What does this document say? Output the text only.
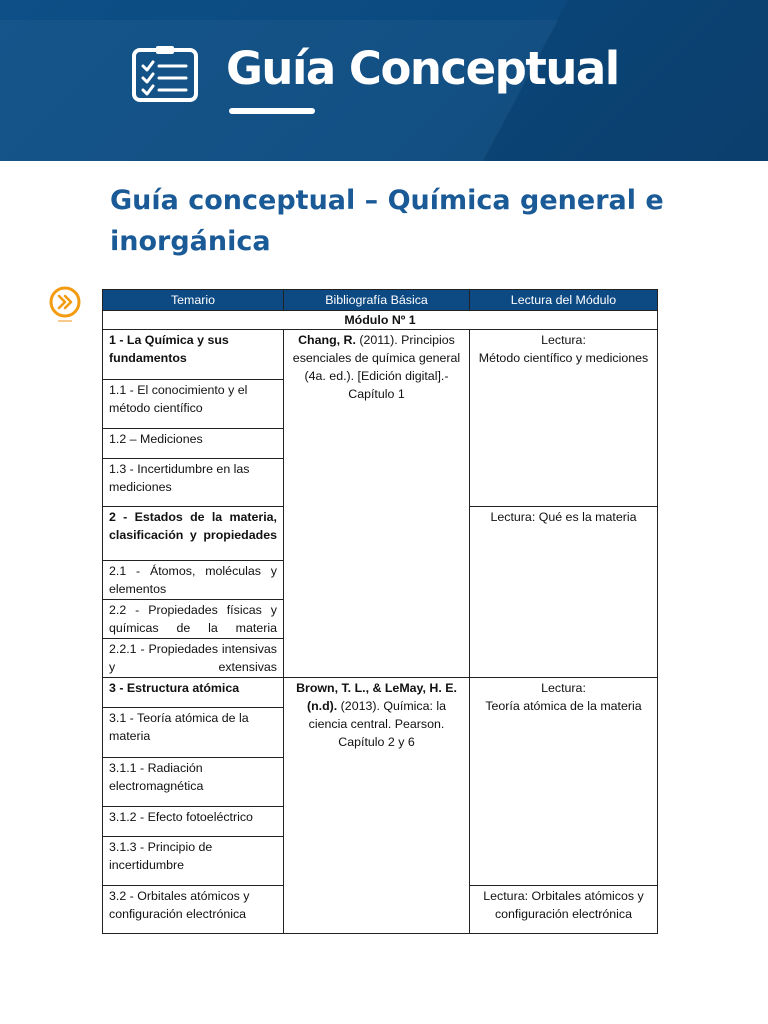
Guía Conceptual
Guía conceptual – Química general e inorgánica
Temario	Bibliografía Básica	Lectura del Módulo
Módulo Nº 1		
1 - La Química y sus fundamentos	Chang, R. (2011). Principios esenciales de química general (4a. ed.). [Edición digital].- Capítulo 1	Lectura:
Método científico y mediciones

1.1 - El conocimiento y el método científico		
1.2 – Mediciones		
1.3 - Incertidumbre en las mediciones		
2 - Estados de la materia, clasificación y propiedades		Lectura: Qué es la materia
2.1 - Átomos, moléculas y elementos		
2.2 - Propiedades físicas y químicas de la materia		
2.2.1 - Propiedades intensivas y extensivas		
3 - Estructura atómica	Brown, T. L., & LeMay, H. E. (n.d). (2013). Química: la ciencia central. Pearson. Capítulo 2 y 6	Lectura:
Teoría atómica de la materia

3.1 - Teoría atómica de la materia		
3.1.1 - Radiación electromagnética		
3.1.2 - Efecto fotoeléctrico		
3.1.3 - Principio de incertidumbre		
3.2 - Orbitales atómicos y configuración electrónica		Lectura: Orbitales atómicos y configuración electrónica
